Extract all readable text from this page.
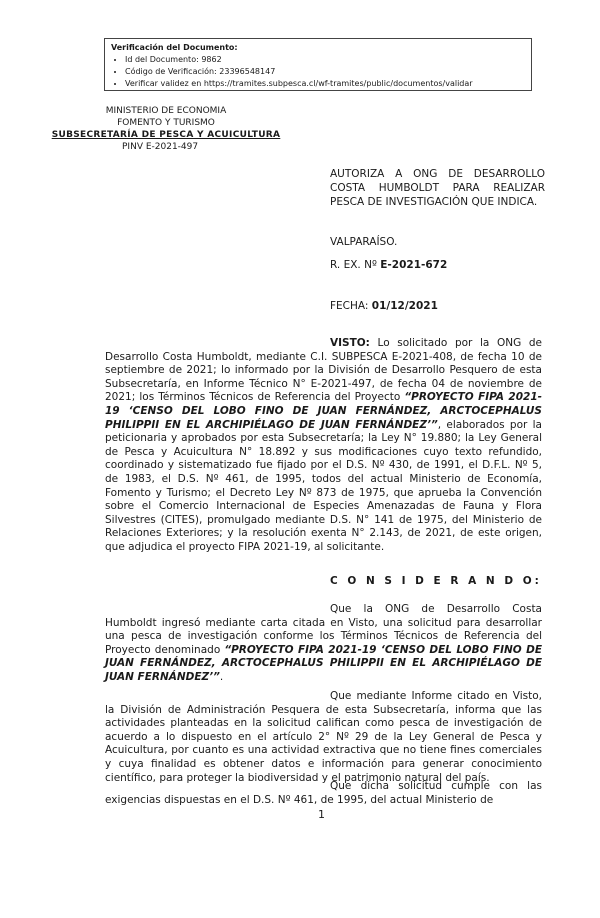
Verificación del Documento:
• Id del Documento: 9862
• Código de Verificación: 23396548147
• Verificar validez en https://tramites.subpesca.cl/wf-tramites/public/documentos/validar
MINISTERIO DE ECONOMIA
FOMENTO Y TURISMO
SUBSECRETARÍA DE PESCA Y ACUICULTURA
PINV E-2021-497
AUTORIZA A ONG DE DESARROLLO COSTA HUMBOLDT PARA REALIZAR PESCA DE INVESTIGACIÓN QUE INDICA.
VALPARAÍSO.
R. EX. Nº E-2021-672
FECHA: 01/12/2021
VISTO: Lo solicitado por la ONG de Desarrollo Costa Humboldt, mediante C.I. SUBPESCA E-2021-408, de fecha 10 de septiembre de 2021; lo informado por la División de Desarrollo Pesquero de esta Subsecretaría, en Informe Técnico N° E-2021-497, de fecha 04 de noviembre de 2021; los Términos Técnicos de Referencia del Proyecto “PROYECTO FIPA 2021-19 ‘CENSO DEL LOBO FINO DE JUAN FERNÁNDEZ, ARCTOCEPHALUS PHILIPPII EN EL ARCHIPIÉLAGO DE JUAN FERNÁNDEZ’”, elaborados por la peticionaria y aprobados por esta Subsecretaría; la Ley N° 19.880; la Ley General de Pesca y Acuicultura N° 18.892 y sus modificaciones cuyo texto refundido, coordinado y sistematizado fue fijado por el D.S. Nº 430, de 1991, el D.F.L. Nº 5, de 1983, el D.S. Nº 461, de 1995, todos del actual Ministerio de Economía, Fomento y Turismo; el Decreto Ley Nº 873 de 1975, que aprueba la Convención sobre el Comercio Internacional de Especies Amenazadas de Fauna y Flora Silvestres (CITES), promulgado mediante D.S. N° 141 de 1975, del Ministerio de Relaciones Exteriores; y la resolución exenta N° 2.143, de 2021, de este origen, que adjudica el proyecto FIPA 2021-19, al solicitante.
C O N S I D E R A N D O:
Que la ONG de Desarrollo Costa Humboldt ingresó mediante carta citada en Visto, una solicitud para desarrollar una pesca de investigación conforme los Términos Técnicos de Referencia del Proyecto denominado “PROYECTO FIPA 2021-19 ‘CENSO DEL LOBO FINO DE JUAN FERNÁNDEZ, ARCTOCEPHALUS PHILIPPII EN EL ARCHIPIÉLAGO DE JUAN FERNÁNDEZ’”.
Que mediante Informe citado en Visto, la División de Administración Pesquera de esta Subsecretaría, informa que las actividades planteadas en la solicitud califican como pesca de investigación de acuerdo a lo dispuesto en el artículo 2° Nº 29 de la Ley General de Pesca y Acuicultura, por cuanto es una actividad extractiva que no tiene fines comerciales y cuya finalidad es obtener datos e información para generar conocimiento científico, para proteger la biodiversidad y el patrimonio natural del país.
Que dicha solicitud cumple con las exigencias dispuestas en el D.S. Nº 461, de 1995, del actual Ministerio de
1
